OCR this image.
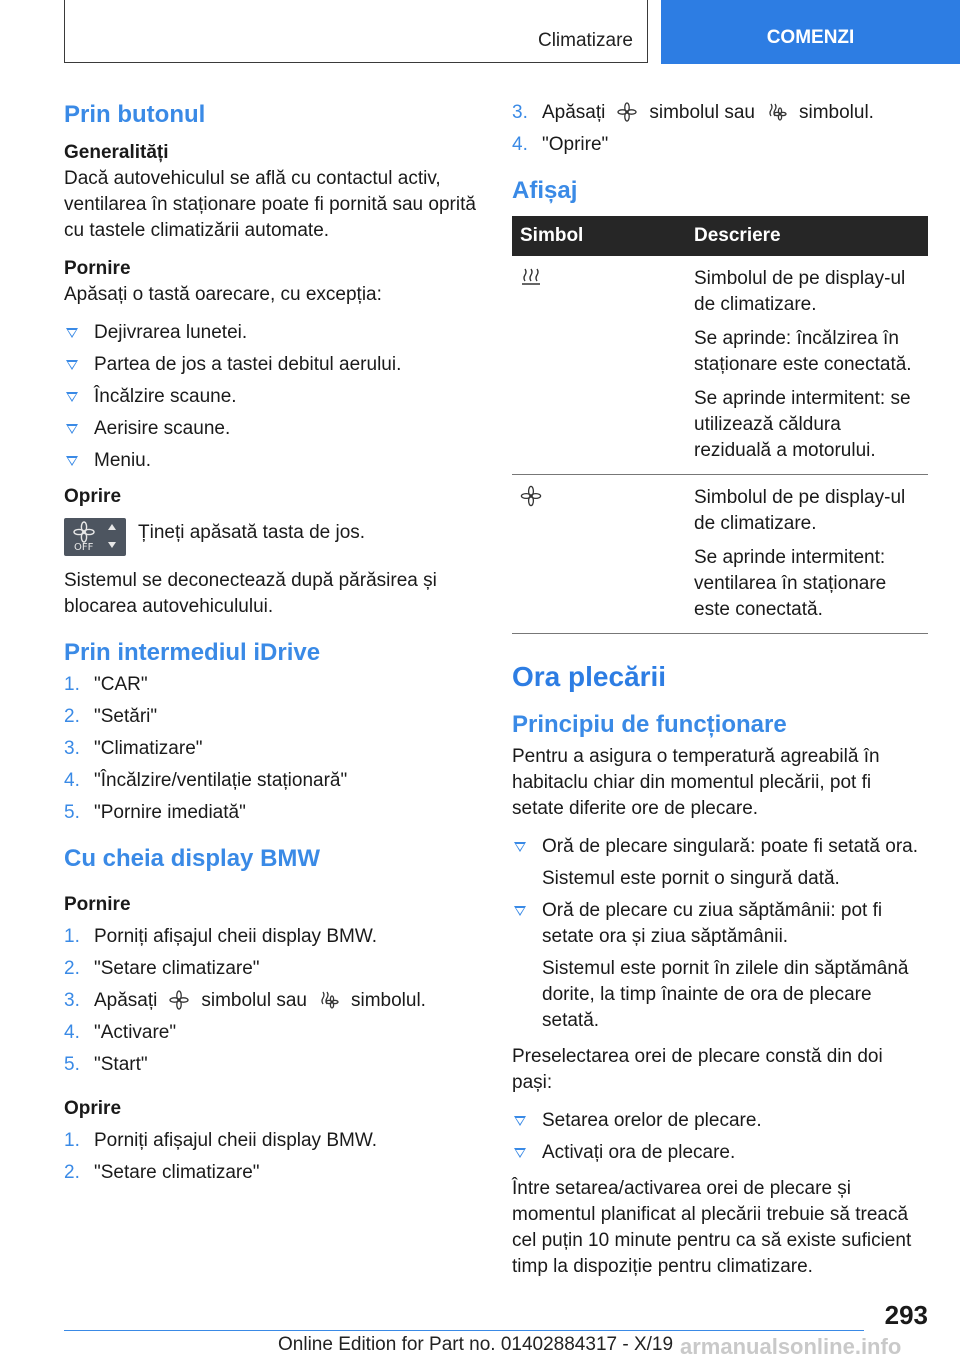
Climatizare	COMENZI
Prin butonul
Generalități

Dacă autovehiculul se află cu contactul activ, ventilarea în staționare poate fi pornită sau oprită cu tastele climatizării automate.

Pornire

Apăsați o tastă oarecare, cu excepția:

Dejivrarea lunetei.
Partea de jos a tastei debitul aerului.
Încălzire scaune.
Aerisire scaune.
Meniu.
Oprire
OFF
Țineți apăsată tasta de jos.

Sistemul se deconectează după părăsirea și blocarea autovehiculului.

Prin intermediul iDrive
1. "CAR"
2. "Setări"
3. "Climatizare"
4. "Încălzire/ventilație staționară"
5. "Pornire imediată"
Cu cheia display BMW
Pornire
1. Porniți afișajul cheii display BMW.
2. "Setare climatizare"
3. Apăsați simbolul sau simbolul.
4. "Activare"
5. "Start"
Oprire
1. Porniți afișajul cheii display BMW.
2. "Setare climatizare"
3. Apăsați simbolul sau simbolul.
4. "Oprire"
Afișaj
Simbol	Descriere

Simbolul de pe display-ul de climatizare.

Se aprinde: încălzirea în staționare este conectată.

Se aprinde intermitent: se utilizează căldura reziduală a motorului.

Simbolul de pe display-ul de climatizare.

Se aprinde intermitent: ventilarea în staționare este conectată.

Ora plecării
Principiu de funcționare

Pentru a asigura o temperatură agreabilă în habitaclu chiar din momentul plecării, pot fi setate diferite ore de plecare.

Oră de plecare singulară: poate fi setată ora.
Sistemul este pornit o singură dată.
Oră de plecare cu ziua săptămânii: pot fi setate ora și ziua săptămânii.
Sistemul este pornit în zilele din săptămână dorite, la timp înainte de ora de plecare setată.

Preselectarea orei de plecare constă din doi pași:

Setarea orelor de plecare.
Activați ora de plecare.

Între setarea/activarea orei de plecare și momentul planificat al plecării trebuie să treacă cel puțin 10 minute pentru ca să existe suficient timp la dispoziție pentru climatizare.

293
Online Edition for Part no. 01402884317 - X/19 armanualsonline.info
